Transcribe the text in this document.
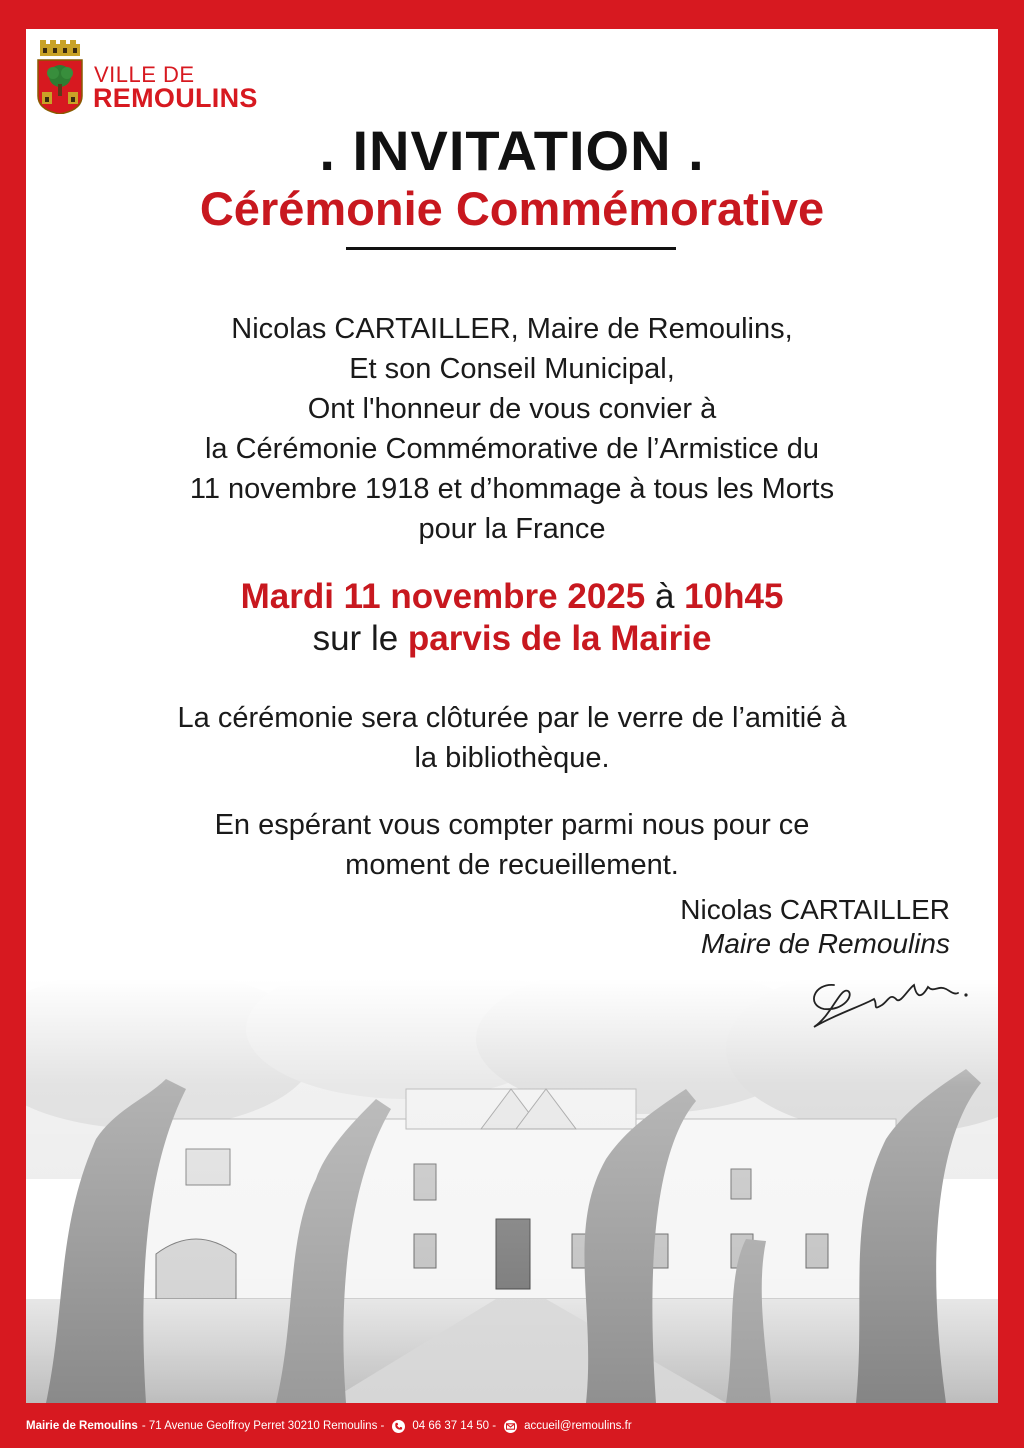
VILLE DE
REMOULINS
. INVITATION .
Cérémonie Commémorative
Nicolas CARTAILLER, Maire de Remoulins,
Et son Conseil Municipal,
Ont l'honneur de vous convier à
la Cérémonie Commémorative de l’Armistice du
11 novembre 1918 et d’hommage à tous les Morts
pour la France
Mardi 11 novembre 2025 à 10h45
sur le parvis de la Mairie
La cérémonie sera clôturée par le verre de l’amitié à
la bibliothèque.
En espérant vous compter parmi nous pour ce
moment de recueillement.
Nicolas CARTAILLER
Maire de Remoulins
Mairie de Remoulins - 71 Avenue Geoffroy Perret 30210 Remoulins - 04 66 37 14 50 - accueil@remoulins.fr
